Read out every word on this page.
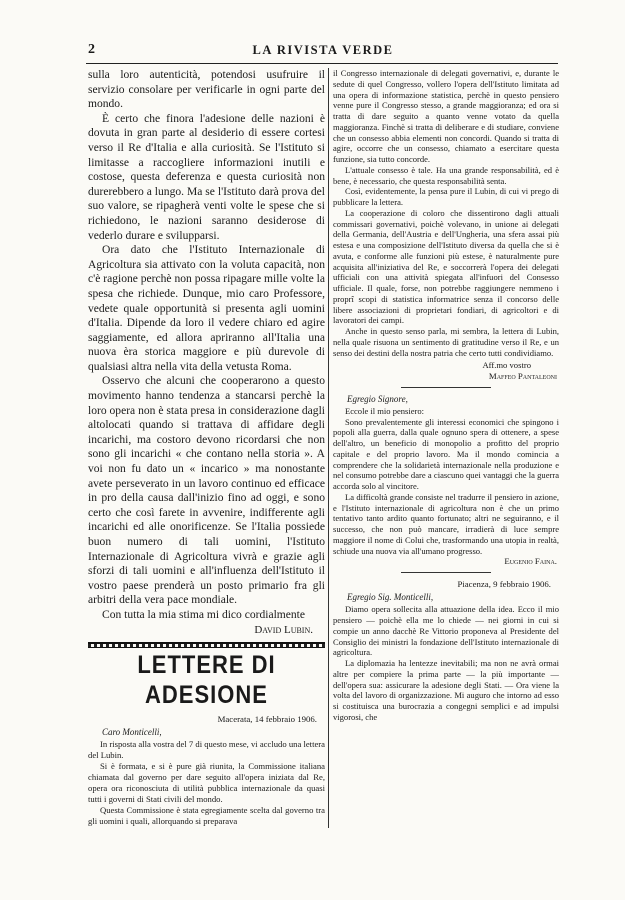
2	LA RIVISTA VERDE

sulla loro autenticità, potendosi usufruire il servizio consolare per verificarle in ogni parte del mondo.

È certo che finora l'adesione delle nazioni è dovuta in gran parte al desiderio di essere cortesi verso il Re d'Italia e alla curiosità. Se l'Istituto si limitasse a raccogliere informazioni inutili e costose, questa deferenza e questa curiosità non durerebbero a lungo. Ma se l'Istituto darà prova del suo valore, se ripagherà venti volte le spese che si richiedono, le nazioni saranno desiderose di vederlo durare e svilupparsi.

Ora dato che l'Istituto Internazionale di Agricoltura sia attivato con la voluta capacità, non c'è ragione perchè non possa ripagare mille volte la spesa che richiede. Dunque, mio caro Professore, vedete quale opportunità si presenta agli uomini d'Italia. Dipende da loro il vedere chiaro ed agire saggiamente, ed allora apriranno all'Italia una nuova èra storica maggiore e più durevole di qualsiasi altra nella vita della vetusta Roma.

Osservo che alcuni che cooperarono a questo movimento hanno tendenza a stancarsi perchè la loro opera non è stata presa in considerazione dagli altolocati quando si trattava di affidare degli incarichi, ma costoro devono ricordarsi che non sono gli incarichi « che contano nella storia ». A voi non fu dato un « incarico » ma nonostante avete perseverato in un lavoro continuo ed efficace in pro della causa dall'inizio fino ad oggi, e sono certo che così farete in avvenire, indifferente agli incarichi ed alle onorificenze. Se l'Italia possiede buon numero di tali uomini, l'Istituto Internazionale di Agricoltura vivrà e grazie agli sforzi di tali uomini e all'influenza dell'Istituto il vostro paese prenderà un posto primario fra gli arbitri della vera pace mondiale.

Con tutta la mia stima mi dico cordialmente

David Lubin.
LETTERE DI ADESIONE
Macerata, 14 febbraio 1906.
Caro Monticelli,

In risposta alla vostra del 7 di questo mese, vi accludo una lettera del Lubin.

Si è formata, e si è pure già riunita, la Commissione italiana chiamata dal governo per dare seguito all'opera iniziata dal Re, opera ora riconosciuta di utilità pubblica internazionale da quasi tutti i governi di Stati civili del mondo.

Questa Commissione è stata egregiamente scelta dal governo tra gli uomini i quali, allorquando si preparava

il Congresso internazionale di delegati governativi, e, durante le sedute di quel Congresso, vollero l'opera dell'Istituto limitata ad una opera di informazione statistica, perchè in questo pensiero venne pure il Congresso stesso, a grande maggioranza; ed ora si tratta di dare seguito a quanto venne votato da quella maggioranza. Finchè si tratta di deliberare e di studiare, conviene che un consesso abbia elementi non concordi. Quando si tratta di agire, occorre che un consesso, chiamato a esercitare questa funzione, sia tutto concorde.

L'attuale consesso è tale. Ha una grande responsabilità, ed è bene, è necessario, che questa responsabilità senta.

Così, evidentemente, la pensa pure il Lubin, di cui vi prego di pubblicare la lettera.

La cooperazione di coloro che dissentirono dagli attuali commissari governativi, poichè volevano, in unione ai delegati della Germania, dell'Austria e dell'Ungheria, una sfera assai più estesa e una composizione dell'Istituto diversa da quella che si è avuta, e conforme alle funzioni più estese, è naturalmente pure acquisita all'iniziativa del Re, e soccorrerà l'opera dei delegati ufficiali con una attività spiegata all'infuori del Consesso ufficiale. Il quale, forse, non potrebbe raggiungere nemmeno i proprî scopi di statistica informatrice senza il concorso delle libere associazioni di proprietari fondiari, di agricoltori e di lavoratori dei campi.

Anche in questo senso parla, mi sembra, la lettera di Lubin, nella quale risuona un sentimento di gratitudine verso il Re, e un senso dei destini della nostra patria che certo tutti condividiamo.

Aff.mo vostro
Maffeo Pantaleoni
Egregio Signore,

Eccole il mio pensiero:

Sono prevalentemente gli interessi economici che spingono i popoli alla guerra, dalla quale ognuno spera di ottenere, a spese dell'altro, un beneficio di monopolio a profitto del proprio capitale e del proprio lavoro. Ma il mondo comincia a comprendere che la solidarietà internazionale nella produzione e nel consumo potrebbe dare a ciascuno quei vantaggi che la guerra accorda solo al vincitore.

La difficoltà grande consiste nel tradurre il pensiero in azione, e l'Istituto internazionale di agricoltura non è che un primo tentativo tanto ardito quanto fortunato; altri ne seguiranno, e il successo, che non può mancare, irradierà di luce sempre maggiore il nome di Colui che, trasformando una utopia in realtà, schiude una nuova via all'umano progresso.

Eugenio Faina.
Piacenza, 9 febbraio 1906.
Egregio Sig. Monticelli,

Diamo opera sollecita alla attuazione della idea. Ecco il mio pensiero — poichè ella me lo chiede — nei giorni in cui si compie un anno dacchè Re Vittorio proponeva al Presidente del Consiglio dei ministri la fondazione dell'Istituto internazionale di agricoltura.

La diplomazia ha lentezze inevitabili; ma non ne avrà ormai altre per compiere la prima parte — la più importante — dell'opera sua: assicurare la adesione degli Stati. — Ora viene la volta del lavoro di organizzazione. Mi auguro che intorno ad esso si costituisca una burocrazia a congegni semplici e ad impulsi vigorosi, che
